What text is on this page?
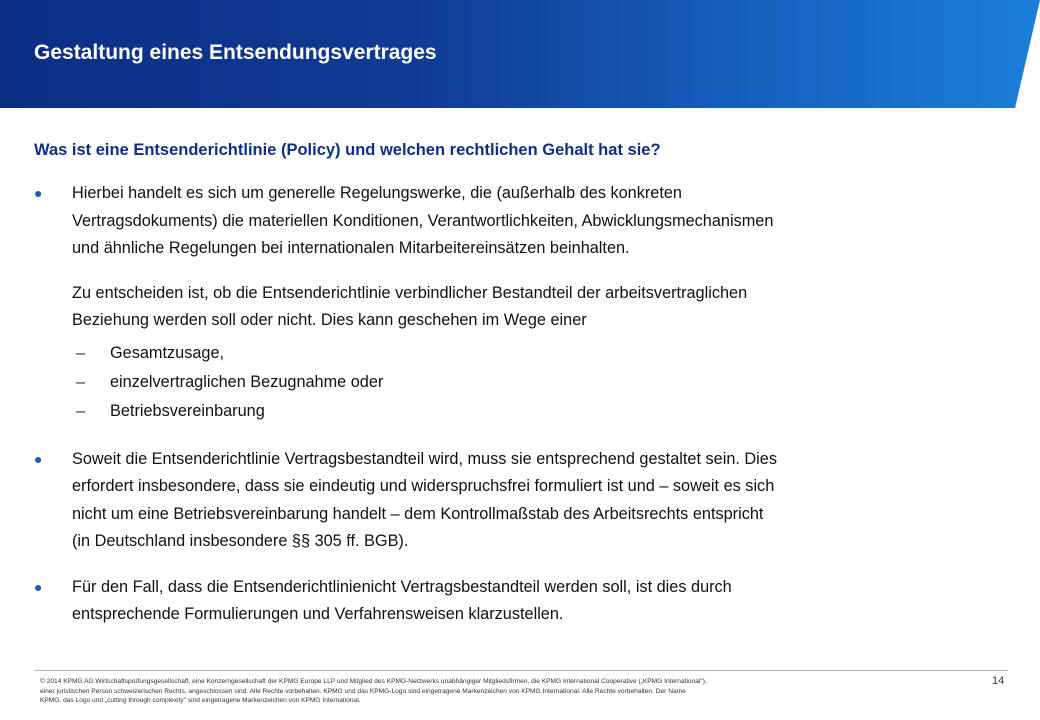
Gestaltung eines Entsendungsvertrages
Was ist eine Entsenderichtlinie (Policy) und welchen rechtlichen Gehalt hat sie?
● Hierbei handelt es sich um generelle Regelungswerke, die (außerhalb des konkreten
Vertragsdokuments) die materiellen Konditionen, Verantwortlichkeiten, Abwicklungsmechanismen
und ähnliche Regelungen bei internationalen Mitarbeitereinsätzen beinhalten.
Zu entscheiden ist, ob die Entsenderichtlinie verbindlicher Bestandteil der arbeitsvertraglichen
Beziehung werden soll oder nicht. Dies kann geschehen im Wege einer
– Gesamtzusage,
– einzelvertraglichen Bezugnahme oder
– Betriebsvereinbarung
● Soweit die Entsenderichtlinie Vertragsbestandteil wird, muss sie entsprechend gestaltet sein. Dies
erfordert insbesondere, dass sie eindeutig und widerspruchsfrei formuliert ist und – soweit es sich
nicht um eine Betriebsvereinbarung handelt – dem Kontrollmaßstab des Arbeitsrechts entspricht
(in Deutschland insbesondere §§ 305 ff. BGB).
● Für den Fall, dass die Entsenderichtlinienicht Vertragsbestandteil werden soll, ist dies durch
entsprechende Formulierungen und Verfahrensweisen klarzustellen.
© 2014 KPMG AG Wirtschaftsprüfungsgesellschaft, eine Konzerngesellschaft der KPMG Europe LLP und Mitglied des KPMG-Netzwerks unabhängiger Mitgliedsfirmen, die KPMG International Cooperative („KPMG International"),
einer juristischen Person schweizerischen Rechts, angeschlossen sind. Alle Rechte vorbehalten. KPMG und das KPMG-Logo sind eingetragene Markenzeichen von KPMG International. Alle Rechte vorbehalten. Der Name
KPMG, das Logo und „cutting through complexity" sind eingetragene Markenzeichen von KPMG International.
14
